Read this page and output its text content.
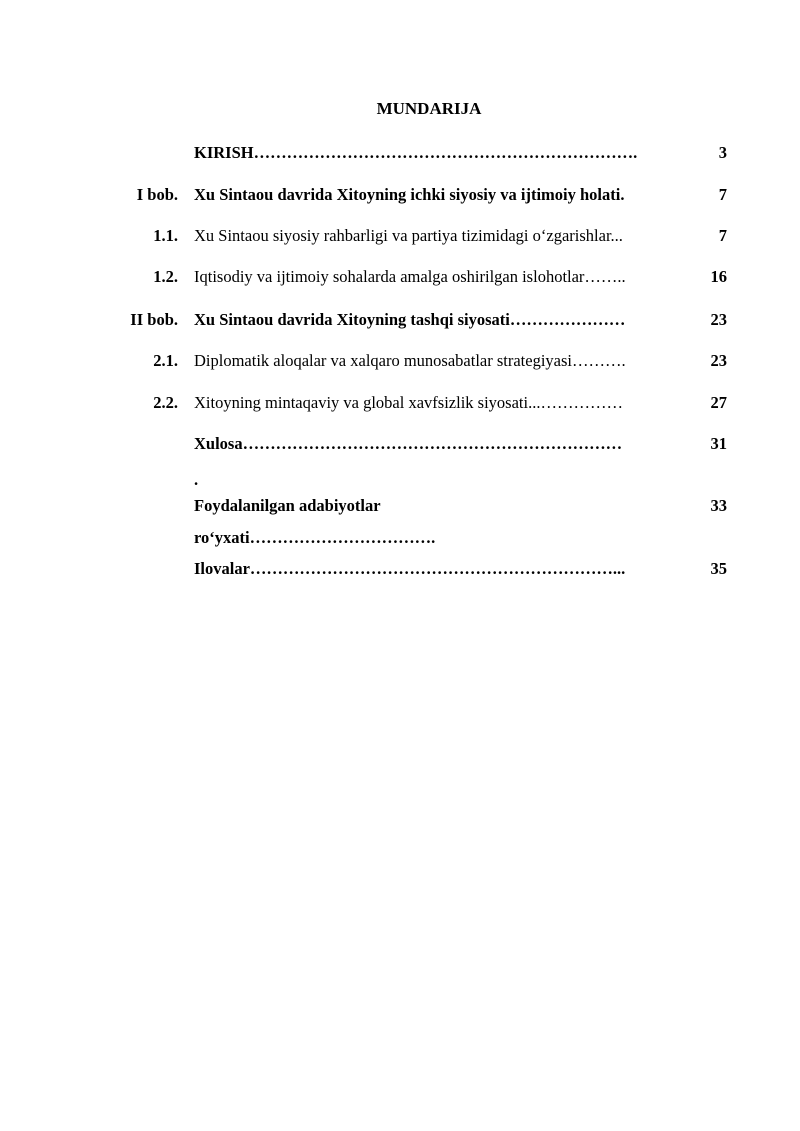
MUNDARIJA
KIRISH…………………………………………………………….	3
I bob. Xu Sintaou davrida Xitoyning ichki siyosiy va ijtimoiy holati.	7
1.1. Xu Sintaou siyosiy rahbarligi va partiya tizimidagi o‘zgarishlar...	7
1.2. Iqtisodiy va ijtimoiy sohalarda amalga oshirilgan islohotlar……..	16
II bob. Xu Sintaou davrida Xitoyning tashqi siyosati…………………	23
2.1. Diplomatik aloqalar va xalqaro munosabatlar strategiyasi……….	23
2.2. Xitoyning mintaqaviy va global xavfsizlik siyosati...……………	27
Xulosa……………………………………………………………	31
.
Foydalanilgan adabiyotlar	33
ro‘yxati…………………………….
Ilovalar…………………………………………………………...	35
